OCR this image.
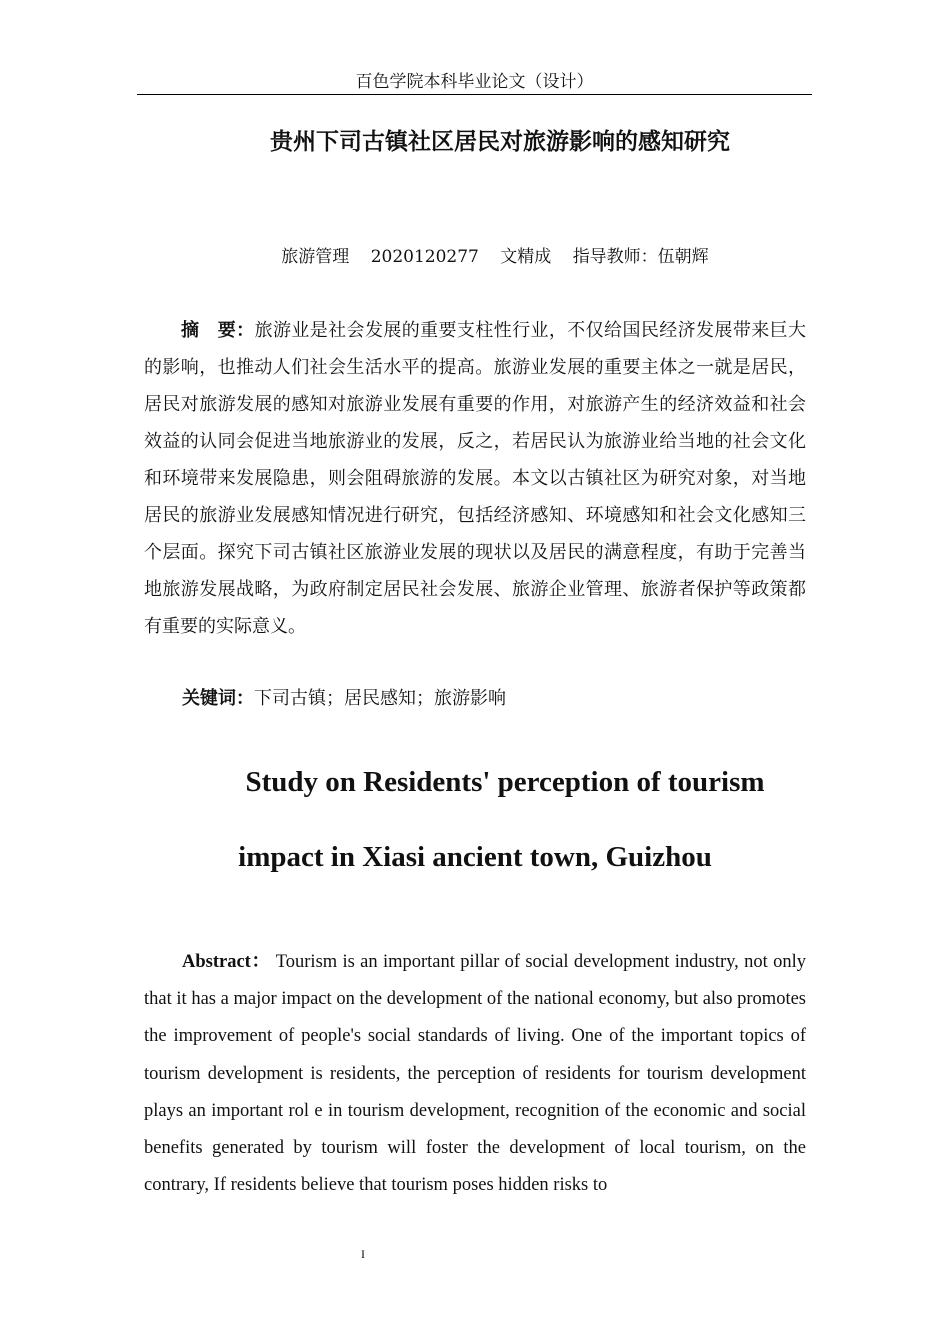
百色学院本科毕业论文（设计）
贵州下司古镇社区居民对旅游影响的感知研究
旅游管理 2020120277 文精成 指导教师：伍朝辉
摘　要：旅游业是社会发展的重要支柱性行业，不仅给国民经济发展带来巨大的影响，也推动人们社会生活水平的提高。旅游业发展的重要主体之一就是居民，居民对旅游发展的感知对旅游业发展有重要的作用，对旅游产生的经济效益和社会效益的认同会促进当地旅游业的发展，反之，若居民认为旅游业给当地的社会文化和环境带来发展隐患，则会阻碍旅游的发展。本文以古镇社区为研究对象，对当地居民的旅游业发展感知情况进行研究，包括经济感知、环境感知和社会文化感知三个层面。探究下司古镇社区旅游业发展的现状以及居民的满意程度，有助于完善当地旅游发展战略，为政府制定居民社会发展、旅游企业管理、旅游者保护等政策都有重要的实际意义。
关键词：下司古镇；居民感知；旅游影响
Study on Residents' perception of tourism
impact in Xiasi ancient town, Guizhou
Abstract： Tourism is an important pillar of social development industry, not only that it has a major impact on the development of the national economy, but also promotes the improvement of people's social standards of living. One of the important topics of tourism development is residents, the perception of residents for tourism development plays an important rol e in tourism development, recognition of the economic and social benefits generated by tourism will foster the development of local tourism, on the contrary, If residents believe that tourism poses hidden risks to
I
